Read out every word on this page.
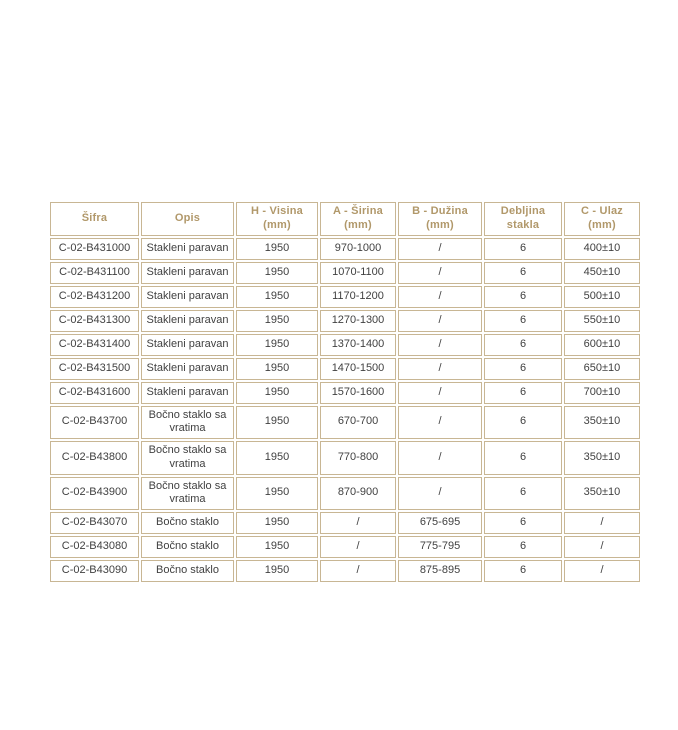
Šifra	Opis	H - Visina (mm)	A - Širina (mm)	B - Dužina (mm)	Debljina stakla	C - Ulaz (mm)
C-02-B431000	Stakleni paravan	1950	970-1000	/	6	400±10
C-02-B431100	Stakleni paravan	1950	1070-1100	/	6	450±10
C-02-B431200	Stakleni paravan	1950	1170-1200	/	6	500±10
C-02-B431300	Stakleni paravan	1950	1270-1300	/	6	550±10
C-02-B431400	Stakleni paravan	1950	1370-1400	/	6	600±10
C-02-B431500	Stakleni paravan	1950	1470-1500	/	6	650±10
C-02-B431600	Stakleni paravan	1950	1570-1600	/	6	700±10
C-02-B43700	Bočno staklo sa vratima	1950	670-700	/	6	350±10
C-02-B43800	Bočno staklo sa vratima	1950	770-800	/	6	350±10
C-02-B43900	Bočno staklo sa vratima	1950	870-900	/	6	350±10
C-02-B43070	Bočno staklo	1950	/	675-695	6	/
C-02-B43080	Bočno staklo	1950	/	775-795	6	/
C-02-B43090	Bočno staklo	1950	/	875-895	6	/
